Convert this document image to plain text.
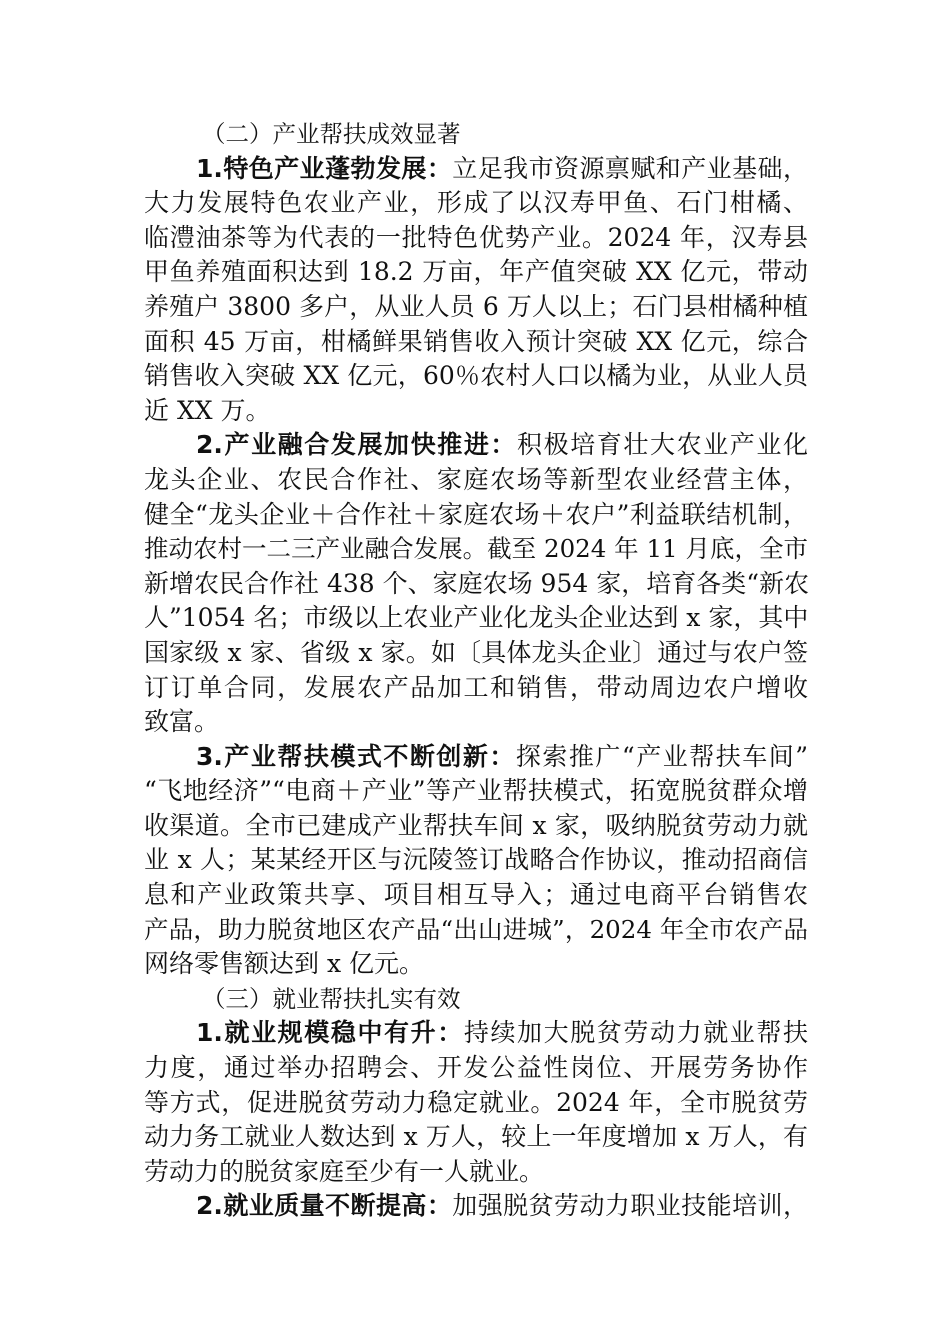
（二）产业帮扶成效显著
1.特色产业蓬勃发展：立足我市资源禀赋和产业基础，
大力发展特色农业产业，形成了以汉寿甲鱼、石门柑橘、
临澧油茶等为代表的一批特色优势产业。2024 年，汉寿县
甲鱼养殖面积达到 18.2 万亩，年产值突破 XX 亿元，带动
养殖户 3800 多户，从业人员 6 万人以上；石门县柑橘种植
面积 45 万亩，柑橘鲜果销售收入预计突破 XX 亿元，综合
销售收入突破 XX 亿元，60％农村人口以橘为业，从业人员
近 XX 万。
2.产业融合发展加快推进：积极培育壮大农业产业化
龙头企业、农民合作社、家庭农场等新型农业经营主体，
健全“龙头企业＋合作社＋家庭农场＋农户”利益联结机制，
推动农村一二三产业融合发展。截至 2024 年 11 月底，全市
新增农民合作社 438 个、家庭农场 954 家，培育各类“新农
人”1054 名；市级以上农业产业化龙头企业达到 x 家，其中
国家级 x 家、省级 x 家。如〔具体龙头企业〕通过与农户签
订订单合同，发展农产品加工和销售，带动周边农户增收
致富。
3.产业帮扶模式不断创新：探索推广“产业帮扶车间”
“飞地经济”“电商＋产业”等产业帮扶模式，拓宽脱贫群众增
收渠道。全市已建成产业帮扶车间 x 家，吸纳脱贫劳动力就
业 x 人；某某经开区与沅陵签订战略合作协议，推动招商信
息和产业政策共享、项目相互导入；通过电商平台销售农
产品，助力脱贫地区农产品“出山进城”，2024 年全市农产品
网络零售额达到 x 亿元。
（三）就业帮扶扎实有效
1.就业规模稳中有升：持续加大脱贫劳动力就业帮扶
力度，通过举办招聘会、开发公益性岗位、开展劳务协作
等方式，促进脱贫劳动力稳定就业。2024 年，全市脱贫劳
动力务工就业人数达到 x 万人，较上一年度增加 x 万人，有
劳动力的脱贫家庭至少有一人就业。
2.就业质量不断提高：加强脱贫劳动力职业技能培训，
